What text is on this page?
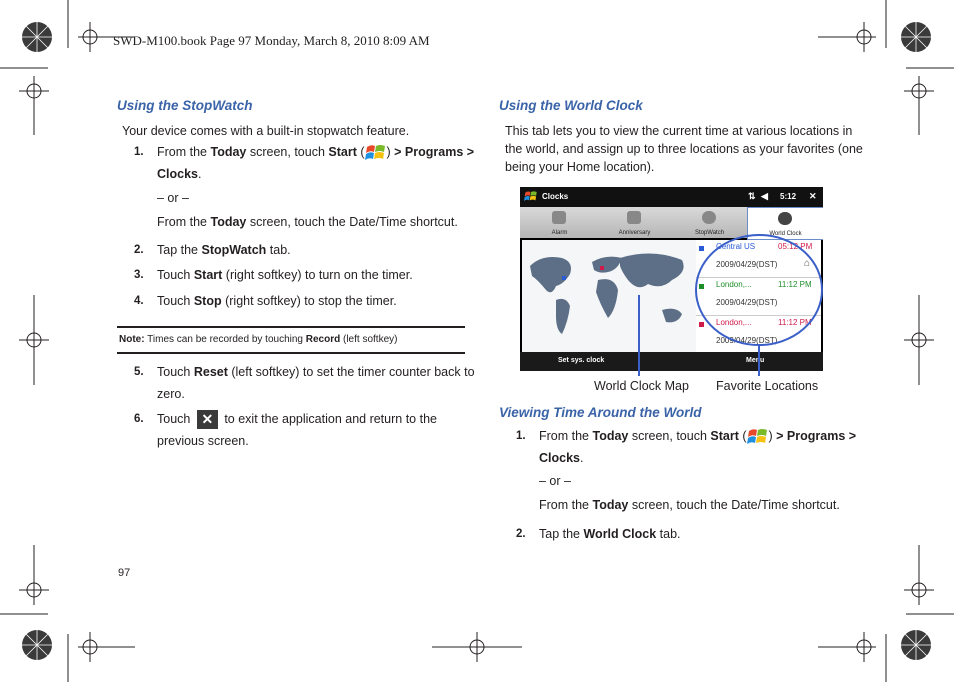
SWD-M100.book Page 97 Monday, March 8, 2010 8:09 AM
Using the StopWatch
Your device comes with a built-in stopwatch feature.
1. From the Today screen, touch Start ( ) > Programs >
Clocks.
– or –
From the Today screen, touch the Date/Time shortcut.
2. Tap the StopWatch tab.
3. Touch Start (right softkey) to turn on the timer.
4. Touch Stop (right softkey) to stop the timer.
Note: Times can be recorded by touching Record (left softkey)
5. Touch Reset (left softkey) to set the timer counter back to
zero.
6. Touch ✕ to exit the application and return to the
previous screen.
97
Using the World Clock
This tab lets you to view the current time at various locations in
the world, and assign up to three locations as your favorites (one
being your Home location).
Clocks	⇅ ◀ 5:12 ✕
Alarm	Anniversary	StopWatch	World Clock
Central US	05:12 PM
2009/04/29(DST)	⌂
London,...	11:12 PM
2009/04/29(DST)
London,...	11:12 PM
2009/04/29(DST)
Set sys. clock	Menu
World Clock Map Favorite Locations
Viewing Time Around the World
1. From the Today screen, touch Start ( ) > Programs >
Clocks.
– or –
From the Today screen, touch the Date/Time shortcut.
2. Tap the World Clock tab.
